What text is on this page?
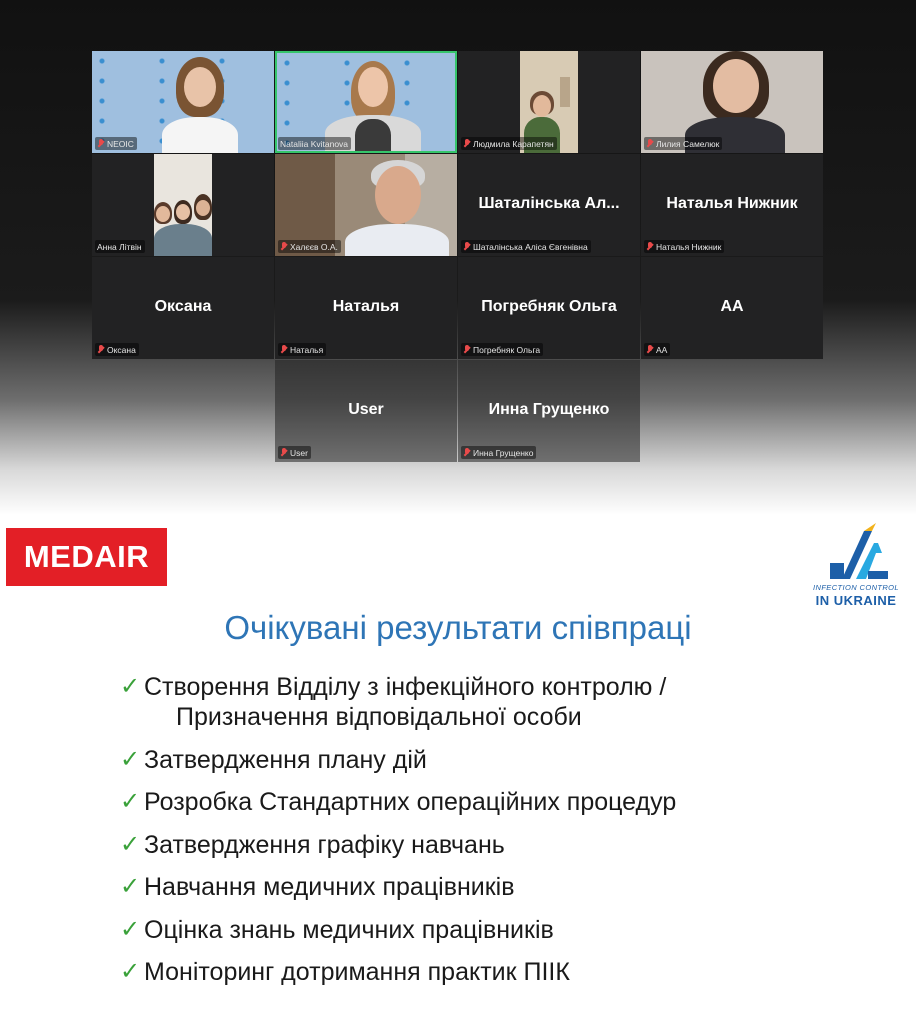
NEOIC	Nataliia Kvitanova	Людмила Карапетян	Лилия Самелюк
Анна Лiтвiн	Халєєв О.А.
Шаталінська Ал...
Шаталінська Аліса Євгенівна
Наталья Нижник
Наталья Нижник
Оксана
Оксана
Наталья
Наталья
Погребняк Ольга
Погребняк Ольга
АА
АА
User
User
Инна Грущенко
Инна Грущенко
MEDAIR
INFECTION CONTROL
IN UKRAINE
Очікувані результати співпраці
✓ Створення Відділу з інфекційного контролю /
Призначення відповідальної особи
✓ Затвердження плану дій
✓ Розробка Стандартних операційних процедур
✓ Затвердження графіку навчань
✓ Навчання медичних працівників
✓ Оцінка знань медичних працівників
✓ Моніторинг дотримання практик ПІІК
